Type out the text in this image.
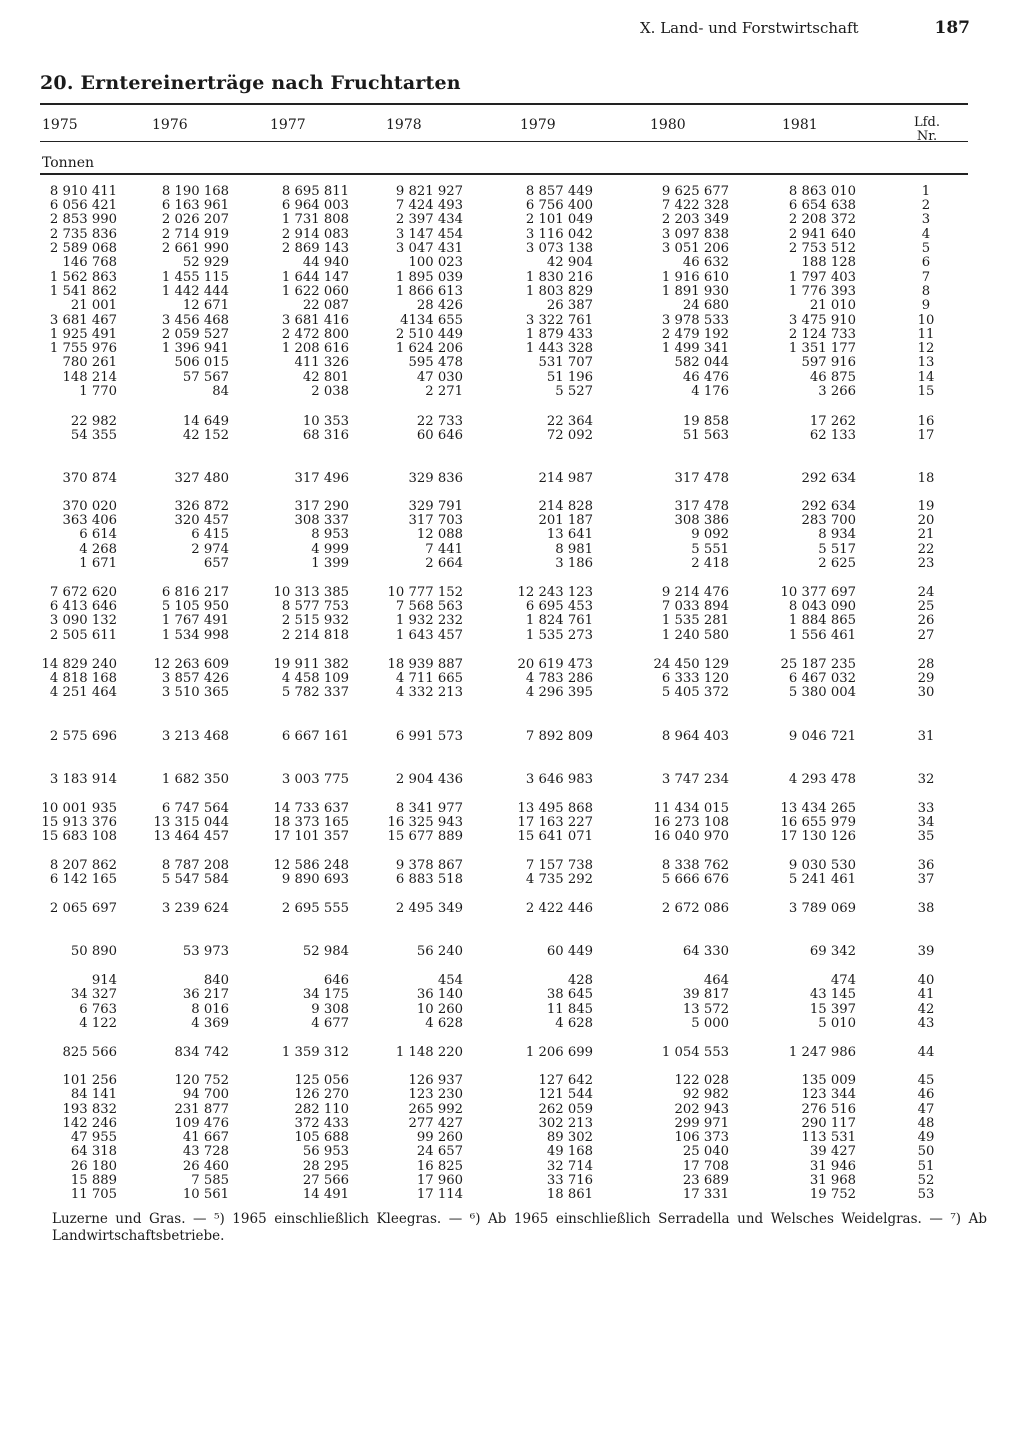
X. Land- und Forstwirtschaft	187
20. Erntereinerträge nach Fruchtarten
1975	1976	1977	1978	1979	1980	1981	Lfd.
Nr.
Tonnen
8 910 411	8 190 168	8 695 811	9 821 927	8 857 449	9 625 677	8 863 010	1
6 056 421	6 163 961	6 964 003	7 424 493	6 756 400	7 422 328	6 654 638	2
2 853 990	2 026 207	1 731 808	2 397 434	2 101 049	2 203 349	2 208 372	3
2 735 836	2 714 919	2 914 083	3 147 454	3 116 042	3 097 838	2 941 640	4
2 589 068	2 661 990	2 869 143	3 047 431	3 073 138	3 051 206	2 753 512	5
146 768	52 929	44 940	100 023	42 904	46 632	188 128	6
1 562 863	1 455 115	1 644 147	1 895 039	1 830 216	1 916 610	1 797 403	7
1 541 862	1 442 444	1 622 060	1 866 613	1 803 829	1 891 930	1 776 393	8
21 001	12 671	22 087	28 426	26 387	24 680	21 010	9
3 681 467	3 456 468	3 681 416	4134 655	3 322 761	3 978 533	3 475 910	10
1 925 491	2 059 527	2 472 800	2 510 449	1 879 433	2 479 192	2 124 733	11
1 755 976	1 396 941	1 208 616	1 624 206	1 443 328	1 499 341	1 351 177	12
780 261	506 015	411 326	595 478	531 707	582 044	597 916	13
148 214	57 567	42 801	47 030	51 196	46 476	46 875	14
1 770	84	2 038	2 271	5 527	4 176	3 266	15
22 982	14 649	10 353	22 733	22 364	19 858	17 262	16
54 355	42 152	68 316	60 646	72 092	51 563	62 133	17
370 874	327 480	317 496	329 836	214 987	317 478	292 634	18
370 020	326 872	317 290	329 791	214 828	317 478	292 634	19
363 406	320 457	308 337	317 703	201 187	308 386	283 700	20
6 614	6 415	8 953	12 088	13 641	9 092	8 934	21
4 268	2 974	4 999	7 441	8 981	5 551	5 517	22
1 671	657	1 399	2 664	3 186	2 418	2 625	23
7 672 620	6 816 217	10 313 385	10 777 152	12 243 123	9 214 476	10 377 697	24
6 413 646	5 105 950	8 577 753	7 568 563	6 695 453	7 033 894	8 043 090	25
3 090 132	1 767 491	2 515 932	1 932 232	1 824 761	1 535 281	1 884 865	26
2 505 611	1 534 998	2 214 818	1 643 457	1 535 273	1 240 580	1 556 461	27
14 829 240	12 263 609	19 911 382	18 939 887	20 619 473	24 450 129	25 187 235	28
4 818 168	3 857 426	4 458 109	4 711 665	4 783 286	6 333 120	6 467 032	29
4 251 464	3 510 365	5 782 337	4 332 213	4 296 395	5 405 372	5 380 004	30
2 575 696	3 213 468	6 667 161	6 991 573	7 892 809	8 964 403	9 046 721	31
3 183 914	1 682 350	3 003 775	2 904 436	3 646 983	3 747 234	4 293 478	32
10 001 935	6 747 564	14 733 637	8 341 977	13 495 868	11 434 015	13 434 265	33
15 913 376	13 315 044	18 373 165	16 325 943	17 163 227	16 273 108	16 655 979	34
15 683 108	13 464 457	17 101 357	15 677 889	15 641 071	16 040 970	17 130 126	35
8 207 862	8 787 208	12 586 248	9 378 867	7 157 738	8 338 762	9 030 530	36
6 142 165	5 547 584	9 890 693	6 883 518	4 735 292	5 666 676	5 241 461	37
2 065 697	3 239 624	2 695 555	2 495 349	2 422 446	2 672 086	3 789 069	38
50 890	53 973	52 984	56 240	60 449	64 330	69 342	39
914	840	646	454	428	464	474	40
34 327	36 217	34 175	36 140	38 645	39 817	43 145	41
6 763	8 016	9 308	10 260	11 845	13 572	15 397	42
4 122	4 369	4 677	4 628	4 628	5 000	5 010	43
825 566	834 742	1 359 312	1 148 220	1 206 699	1 054 553	1 247 986	44
101 256	120 752	125 056	126 937	127 642	122 028	135 009	45
84 141	94 700	126 270	123 230	121 544	92 982	123 344	46
193 832	231 877	282 110	265 992	262 059	202 943	276 516	47
142 246	109 476	372 433	277 427	302 213	299 971	290 117	48
47 955	41 667	105 688	99 260	89 302	106 373	113 531	49
64 318	43 728	56 953	24 657	49 168	25 040	39 427	50
26 180	26 460	28 295	16 825	32 714	17 708	31 946	51
15 889	7 585	27 566	17 960	33 716	23 689	31 968	52
11 705	10 561	14 491	17 114	18 861	17 331	19 752	53
Luzerne und Gras. — ⁵) 1965 einschließlich Kleegras. — ⁶) Ab 1965 einschließlich Serradella und Welsches Weidelgras. — ⁷) Ab
Landwirtschaftsbetriebe.
